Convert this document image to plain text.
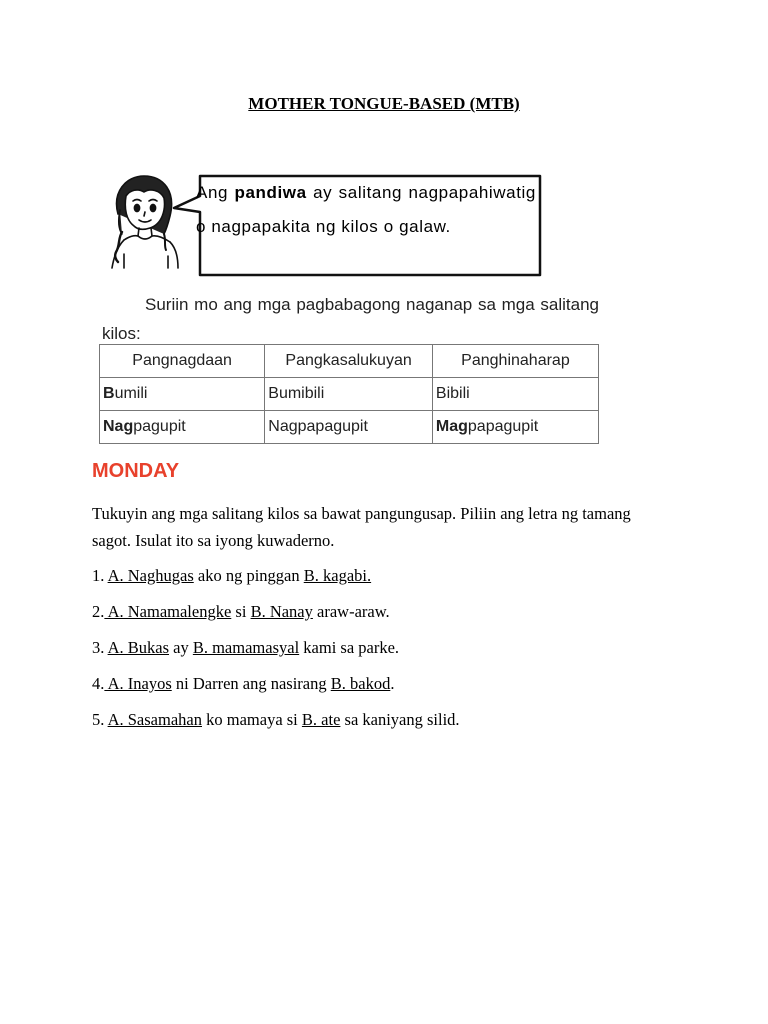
MOTHER TONGUE-BASED (MTB)
Ang pandiwa ay salitang nagpapahiwatig o nagpapakita ng kilos o galaw.
Suriin mo ang mga pagbabagong naganap sa mga salitang kilos:
Pangnagdaan	Pangkasalukuyan	Panghinaharap
Bumili	Bumibili	Bibili
Nagpagupit	Nagpapagupit	Magpapagupit
MONDAY
Tukuyin ang mga salitang kilos sa bawat pangungusap. Piliin ang letra ng tamang sagot. Isulat ito sa iyong kuwaderno.
1. A. Naghugas ako ng pinggan B. kagabi.
2. A. Namamalengke si B. Nanay araw-araw.
3. A. Bukas ay B. mamamasyal kami sa parke.
4. A. Inayos ni Darren ang nasirang B. bakod.
5. A. Sasamahan ko mamaya si B. ate sa kaniyang silid.
